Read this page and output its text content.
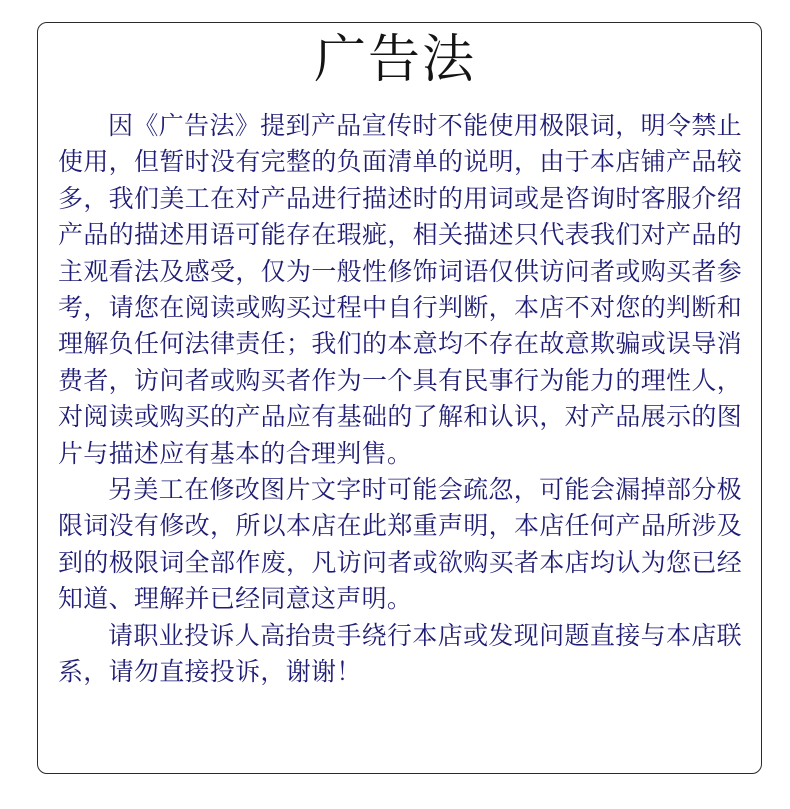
广告法

因《广告法》提到产品宣传时不能使用极限词，明令禁止使用，但暂时没有完整的负面清单的说明，由于本店铺产品较多，我们美工在对产品进行描述时的用词或是咨询时客服介绍产品的描述用语可能存在瑕疵，相关描述只代表我们对产品的主观看法及感受，仅为一般性修饰词语仅供访问者或购买者参考，请您在阅读或购买过程中自行判断，本店不对您的判断和理解负任何法律责任；我们的本意均不存在故意欺骗或误导消费者，访问者或购买者作为一个具有民事行为能力的理性人，对阅读或购买的产品应有基础的了解和认识，对产品展示的图片与描述应有基本的合理判售。

另美工在修改图片文字时可能会疏忽，可能会漏掉部分极限词没有修改，所以本店在此郑重声明，本店任何产品所涉及到的极限词全部作废，凡访问者或欲购买者本店均认为您已经知道、理解并已经同意这声明。

请职业投诉人高抬贵手绕行本店或发现问题直接与本店联系，请勿直接投诉，谢谢！
